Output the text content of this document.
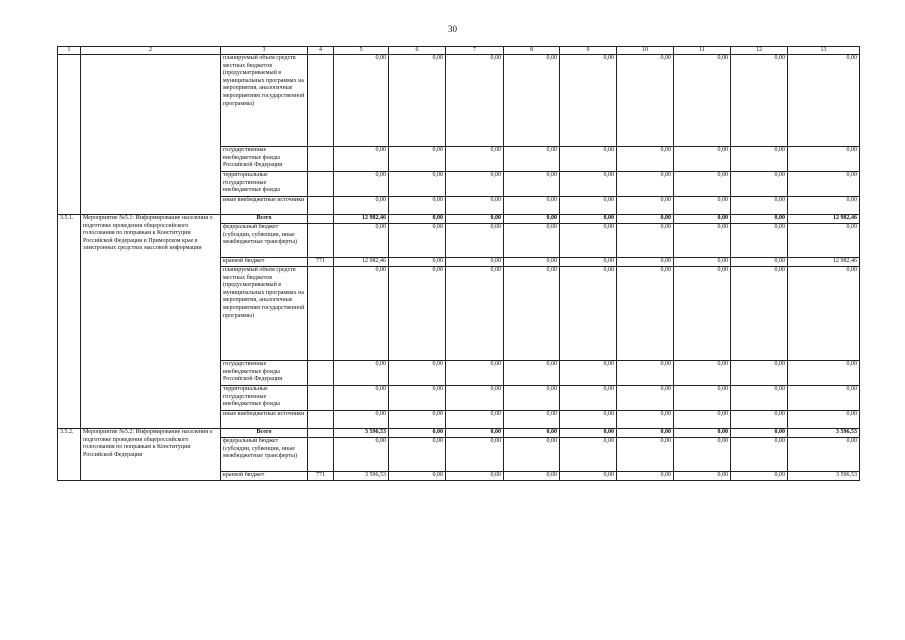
30
1	2	3	4	5	6	7	8	9	10	11	12	13
		планируемый объем средств местных бюджетов (предусматриваемый в муниципальных программах на мероприятия, аналогичные мероприятиям государственной программы)		0,00	0,00	0,00	0,00	0,00	0,00	0,00	0,00	0,00
		государственные внебюджетные фонды Российской Федерации		0,00	0,00	0,00	0,00	0,00	0,00	0,00	0,00	0,00
		территориальные государственные внебюджетные фонды		0,00	0,00	0,00	0,00	0,00	0,00	0,00	0,00	0,00
		иные внебюджетные источники		0,00	0,00	0,00	0,00	0,00	0,00	0,00	0,00	0,00
3.5.1.	Мероприятие №5.1: Информирование населения о подготовке проведения общероссийского голосования по поправкам к Конституции Российской Федерации в Приморском крае в электронных средствах массовой информации	Всего		12 982,46	0,00	0,00	0,00	0,00	0,00	0,00	0,00	12 982,46
		федеральный бюджет (субсидии, субвенции, иные межбюджетные трансферты)		0,00	0,00	0,00	0,00	0,00	0,00	0,00	0,00	0,00
		краевой бюджет	771	12 982,46	0,00	0,00	0,00	0,00	0,00	0,00	0,00	12 982,46
		планируемый объем средств местных бюджетов (предусматриваемый в муниципальных программах на мероприятия, аналогичные мероприятиям государственной программы)		0,00	0,00	0,00	0,00	0,00	0,00	0,00	0,00	0,00
		государственные внебюджетные фонды Российской Федерации		0,00	0,00	0,00	0,00	0,00	0,00	0,00	0,00	0,00
		территориальные государственные внебюджетные фонды		0,00	0,00	0,00	0,00	0,00	0,00	0,00	0,00	0,00
		иные внебюджетные источники		0,00	0,00	0,00	0,00	0,00	0,00	0,00	0,00	0,00
3.5.2.	Мероприятие №5.2: Информирование населения о подготовке проведения общероссийского голосования по поправкам к Конституции Российской Федерации	Всего		3 596,53	0,00	0,00	0,00	0,00	0,00	0,00	0,00	3 596,53
		федеральный бюджет (субсидии, субвенции, иные межбюджетные трансферты)		0,00	0,00	0,00	0,00	0,00	0,00	0,00	0,00	0,00
		краевой бюджет	771	3 596,53	0,00	0,00	0,00	0,00	0,00	0,00	0,00	3 596,53
